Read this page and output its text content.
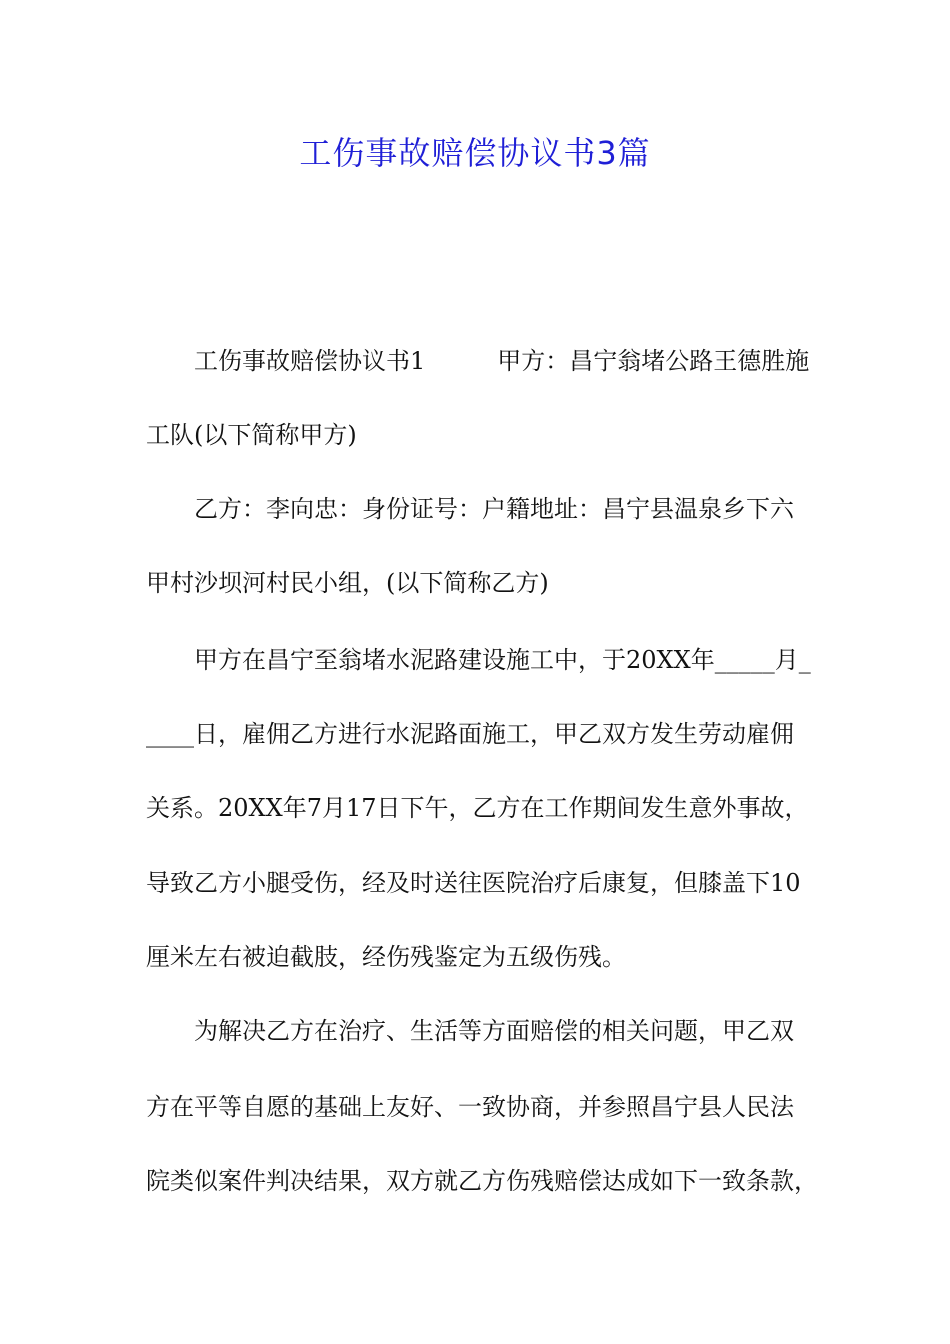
工伤事故赔偿协议书3篇
工伤事故赔偿协议书1　　　甲方：昌宁翁堵公路王德胜施
工队(以下简称甲方)
乙方：李向忠：身份证号：户籍地址：昌宁县温泉乡下六
甲村沙坝河村民小组，(以下简称乙方)
甲方在昌宁至翁堵水泥路建设施工中，于20XX年_____月_
____日，雇佣乙方进行水泥路面施工，甲乙双方发生劳动雇佣
关系。20XX年7月17日下午，乙方在工作期间发生意外事故，
导致乙方小腿受伤，经及时送往医院治疗后康复，但膝盖下10
厘米左右被迫截肢，经伤残鉴定为五级伤残。
为解决乙方在治疗、生活等方面赔偿的相关问题，甲乙双
方在平等自愿的基础上友好、一致协商，并参照昌宁县人民法
院类似案件判决结果，双方就乙方伤残赔偿达成如下一致条款，
